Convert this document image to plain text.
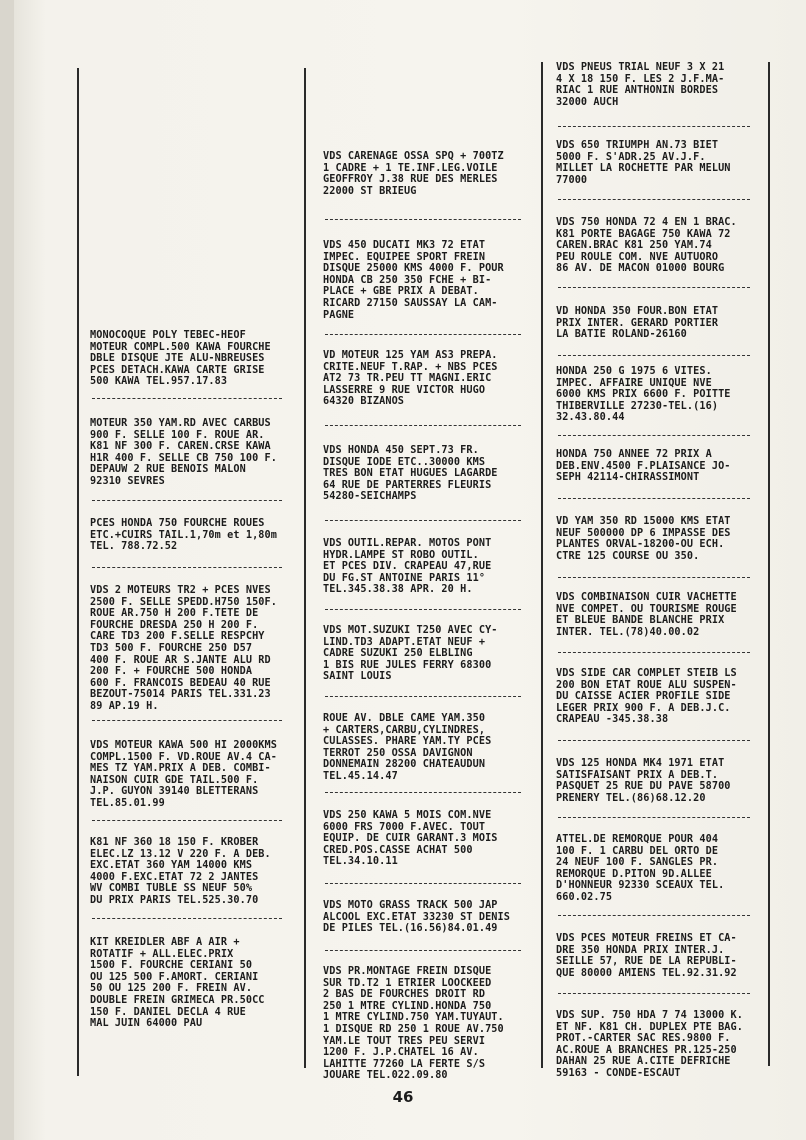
MONOCOQUE POLY TEBEC-HEOF
MOTEUR COMPL.500 KAWA FOURCHE
DBLE DISQUE JTE ALU-NBREUSES
PCES DETACH.KAWA CARTE GRISE
500 KAWA TEL.957.17.83

MOTEUR 350 YAM.RD AVEC CARBUS
900 F. SELLE 100 F. ROUE AR.
K81 NF 300 F. CAREN.CRSE KAWA
H1R 400 F. SELLE CB 750 100 F.
DEPAUW 2 RUE BENOIS MALON
92310 SEVRES

PCES HONDA 750 FOURCHE ROUES
ETC.+CUIRS TAIL.1,70m et 1,80m
TEL. 788.72.52

VDS 2 MOTEURS TR2 + PCES NVES
2500 F. SELLE SPEDD.H750 150F.
ROUE AR.750 H 200 F.TETE DE
FOURCHE DRESDA 250 H 200 F.
CARE TD3 200 F.SELLE RESPCHY
TD3 500 F. FOURCHE 250 D57
400 F. ROUE AR S.JANTE ALU RD
200 F. + FOURCHE 500 HONDA
600 F. FRANCOIS BEDEAU 40 RUE
BEZOUT-75014 PARIS TEL.331.23
89 AP.19 H.

VDS MOTEUR KAWA 500 HI 2000KMS
COMPL.1500 F. VD.ROUE AV.4 CA-
MES TZ YAM.PRIX A DEB. COMBI-
NAISON CUIR GDE TAIL.500 F.
J.P. GUYON 39140 BLETTERANS
TEL.85.01.99

K81 NF 360 18 150 F. KROBER
ELEC.LZ 13.12 V 220 F. A DEB.
EXC.ETAT 360 YAM 14000 KMS
4000 F.EXC.ETAT 72 2 JANTES
WV COMBI TUBLE SS NEUF 50%
DU PRIX PARIS TEL.525.30.70

KIT KREIDLER ABF A AIR +
ROTATIF + ALL.ELEC.PRIX
1500 F. FOURCHE CERIANI 50
OU 125 500 F.AMORT. CERIANI
50 OU 125 200 F. FREIN AV.
DOUBLE FREIN GRIMECA PR.50CC
150 F. DANIEL DECLA 4 RUE
MAL JUIN 64000 PAU

VDS CARENAGE OSSA SPQ + 700TZ
1 CADRE + 1 TE.INF.LEG.VOILE
GEOFFROY J.38 RUE DES MERLES
22000 ST BRIEUG

VDS 450 DUCATI MK3 72 ETAT
IMPEC. EQUIPEE SPORT FREIN
DISQUE 25000 KMS 4000 F. POUR
HONDA CB 250 350 FCHE + BI-
PLACE + GBE PRIX A DEBAT.
RICARD 27150 SAUSSAY LA CAM-
PAGNE

VD MOTEUR 125 YAM AS3 PREPA.
CRITE.NEUF T.RAP. + NBS PCES
AT2 73 TR.PEU TT MAGNI.ERIC
LASSERRE 9 RUE VICTOR HUGO
64320 BIZANOS

VDS HONDA 450 SEPT.73 FR.
DISQUE IODE ETC..30000 KMS
TRES BON ETAT HUGUES LAGARDE
64 RUE DE PARTERRES FLEURIS
54280-SEICHAMPS

VDS OUTIL.REPAR. MOTOS PONT
HYDR.LAMPE ST ROBO OUTIL.
ET PCES DIV. CRAPEAU 47,RUE
DU FG.ST ANTOINE PARIS 11°
TEL.345.38.38 APR. 20 H.

VDS MOT.SUZUKI T250 AVEC CY-
LIND.TD3 ADAPT.ETAT NEUF +
CADRE SUZUKI 250 ELBLING
1 BIS RUE JULES FERRY 68300
SAINT LOUIS

ROUE AV. DBLE CAME YAM.350
+ CARTERS,CARBU,CYLINDRES,
CULASSES. PHARE YAM.TY PCES
TERROT 250 OSSA DAVIGNON
DONNEMAIN 28200 CHATEAUDUN
TEL.45.14.47

VDS 250 KAWA 5 MOIS COM.NVE
6000 FRS 7000 F.AVEC. TOUT
EQUIP. DE CUIR GARANT.3 MOIS
CRED.POS.CASSE ACHAT 500
TEL.34.10.11

VDS MOTO GRASS TRACK 500 JAP
ALCOOL EXC.ETAT 33230 ST DENIS
DE PILES TEL.(16.56)84.01.49

VDS PR.MONTAGE FREIN DISQUE
SUR TD.T2 1 ETRIER LOOCKEED
2 BAS DE FOURCHES DROIT RD
250 1 MTRE CYLIND.HONDA 750
1 MTRE CYLIND.750 YAM.TUYAUT.
1 DISQUE RD 250 1 ROUE AV.750
YAM.LE TOUT TRES PEU SERVI
1200 F. J.P.CHATEL 16 AV.
LAHITTE 77260 LA FERTE S/S
JOUARE TEL.022.09.80

VDS PNEUS TRIAL NEUF 3 X 21
4 X 18 150 F. LES 2 J.F.MA-
RIAC 1 RUE ANTHONIN BORDES
32000 AUCH

VDS 650 TRIUMPH AN.73 BIET
5000 F. S'ADR.25 AV.J.F.
MILLET LA ROCHETTE PAR MELUN
77000

VDS 750 HONDA 72 4 EN 1 BRAC.
K81 PORTE BAGAGE 750 KAWA 72
CAREN.BRAC K81 250 YAM.74
PEU ROULE COM. NVE AUTUORO
86 AV. DE MACON 01000 BOURG

VD HONDA 350 FOUR.BON ETAT
PRIX INTER. GERARD PORTIER
LA BATIE ROLAND-26160

HONDA 250 G 1975 6 VITES.
IMPEC. AFFAIRE UNIQUE NVE
6000 KMS PRIX 6600 F. POITTE
THIBERVILLE 27230-TEL.(16)
32.43.80.44

HONDA 750 ANNEE 72 PRIX A
DEB.ENV.4500 F.PLAISANCE JO-
SEPH 42114-CHIRASSIMONT

VD YAM 350 RD 15000 KMS ETAT
NEUF 500000 DP 6 IMPASSE DES
PLANTES ORVAL-18200-OU ECH.
CTRE 125 COURSE OU 350.

VDS COMBINAISON CUIR VACHETTE
NVE COMPET. OU TOURISME ROUGE
ET BLEUE BANDE BLANCHE PRIX
INTER. TEL.(78)40.00.02

VDS SIDE CAR COMPLET STEIB LS
200 BON ETAT ROUE ALU SUSPEN-
DU CAISSE ACIER PROFILE SIDE
LEGER PRIX 900 F. A DEB.J.C.
CRAPEAU -345.38.38

VDS 125 HONDA MK4 1971 ETAT
SATISFAISANT PRIX A DEB.T.
PASQUET 25 RUE DU PAVE 58700
PRENERY TEL.(86)68.12.20

ATTEL.DE REMORQUE POUR 404
100 F. 1 CARBU DEL ORTO DE
24 NEUF 100 F. SANGLES PR.
REMORQUE D.PITON 9D.ALLEE
D'HONNEUR 92330 SCEAUX TEL.
660.02.75

VDS PCES MOTEUR FREINS ET CA-
DRE 350 HONDA PRIX INTER.J.
SEILLE 57, RUE DE LA REPUBLI-
QUE 80000 AMIENS TEL.92.31.92

VDS SUP. 750 HDA 7 74 13000 K.
ET NF. K81 CH. DUPLEX PTE BAG.
PROT.-CARTER SAC RES.9800 F.
AC.ROUE A BRANCHES PR.125-250
DAHAN 25 RUE A.CITE DEFRICHE
59163 - CONDE-ESCAUT

46
